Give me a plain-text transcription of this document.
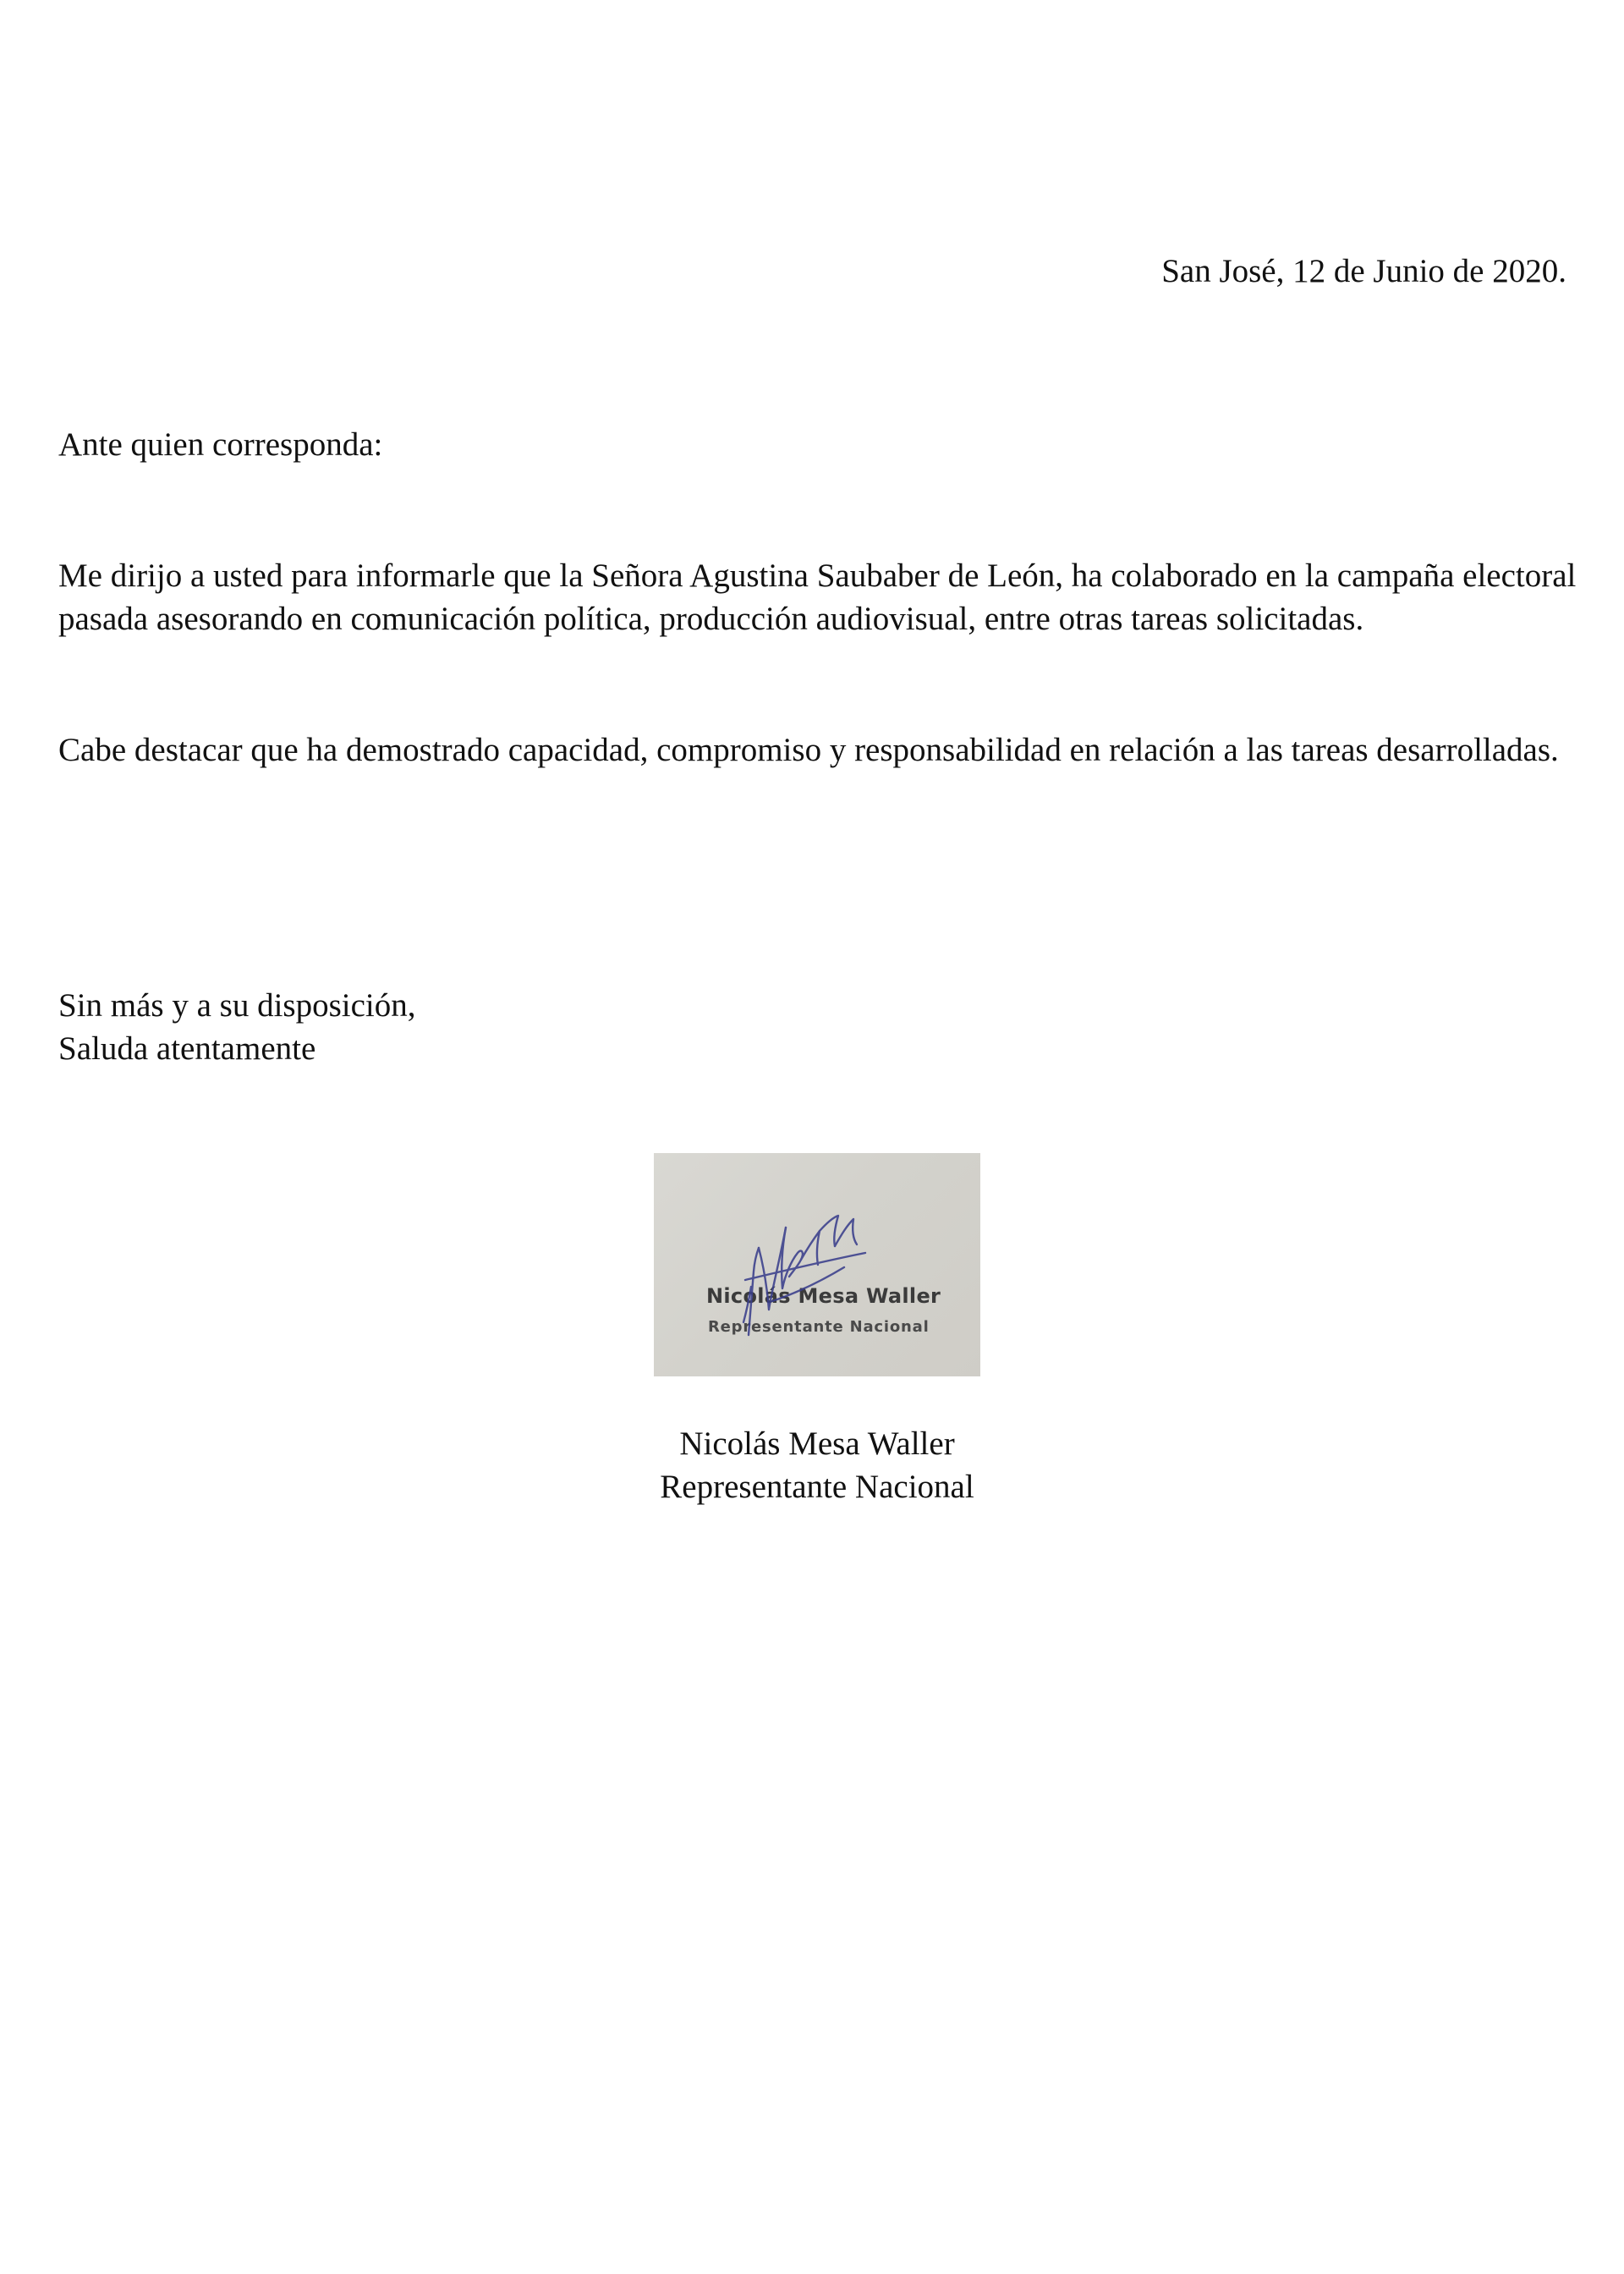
San José, 12 de Junio de 2020.

Ante quien corresponda:

Me dirijo a usted para informarle que la Señora Agustina Saubaber de León, ha colaborado en la campaña electoral pasada asesorando en comunicación política, producción audiovisual, entre otras tareas solicitadas.

Cabe destacar que ha demostrado capacidad, compromiso y responsabilidad en relación a las tareas desarrolladas.

Sin más y a su disposición,
Saluda atentamente
Nicolás Mesa Waller
Representante Nacional
Nicolás Mesa Waller
Representante Nacional
